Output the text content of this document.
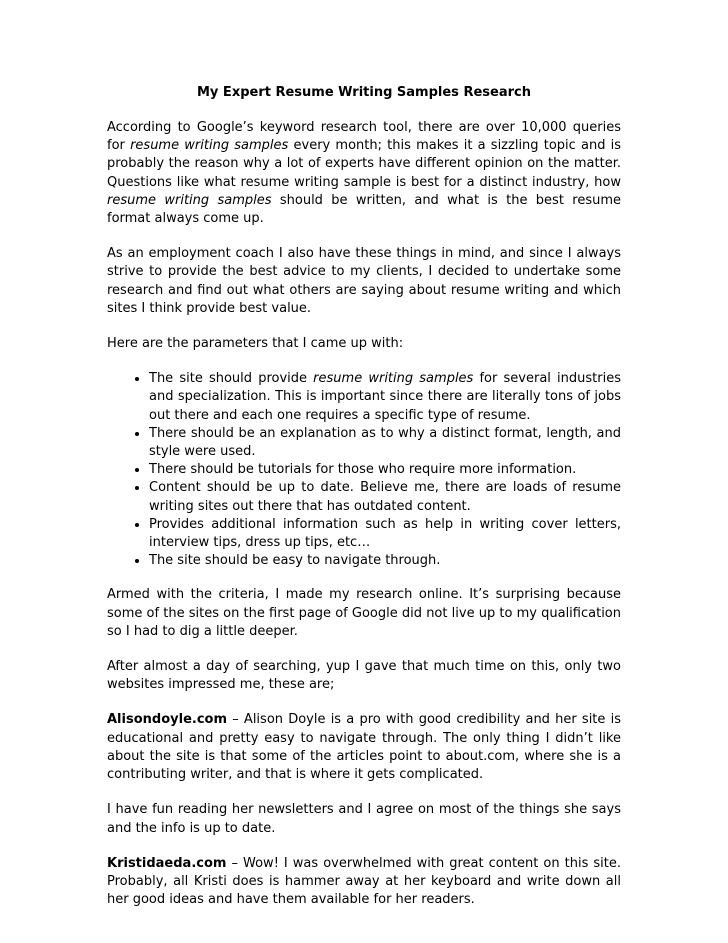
My Expert Resume Writing Samples Research

According to Google’s keyword research tool, there are over 10,000 queries for resume writing samples every month; this makes it a sizzling topic and is probably the reason why a lot of experts have different opinion on the matter. Questions like what resume writing sample is best for a distinct industry, how resume writing samples should be written, and what is the best resume format always come up.

As an employment coach I also have these things in mind, and since I always strive to provide the best advice to my clients, I decided to undertake some research and find out what others are saying about resume writing and which sites I think provide best value.

Here are the parameters that I came up with:

• The site should provide resume writing samples for several industries and specialization. This is important since there are literally tons of jobs out there and each one requires a specific type of resume.
• There should be an explanation as to why a distinct format, length, and style were used.
• There should be tutorials for those who require more information.
• Content should be up to date. Believe me, there are loads of resume writing sites out there that has outdated content.
• Provides additional information such as help in writing cover letters, interview tips, dress up tips, etc…
• The site should be easy to navigate through.

Armed with the criteria, I made my research online. It’s surprising because some of the sites on the first page of Google did not live up to my qualification so I had to dig a little deeper.

After almost a day of searching, yup I gave that much time on this, only two websites impressed me, these are;

Alisondoyle.com – Alison Doyle is a pro with good credibility and her site is educational and pretty easy to navigate through. The only thing I didn’t like about the site is that some of the articles point to about.com, where she is a contributing writer, and that is where it gets complicated.

I have fun reading her newsletters and I agree on most of the things she says and the info is up to date.

Kristidaeda.com – Wow! I was overwhelmed with great content on this site. Probably, all Kristi does is hammer away at her keyboard and write down all her good ideas and have them available for her readers.
